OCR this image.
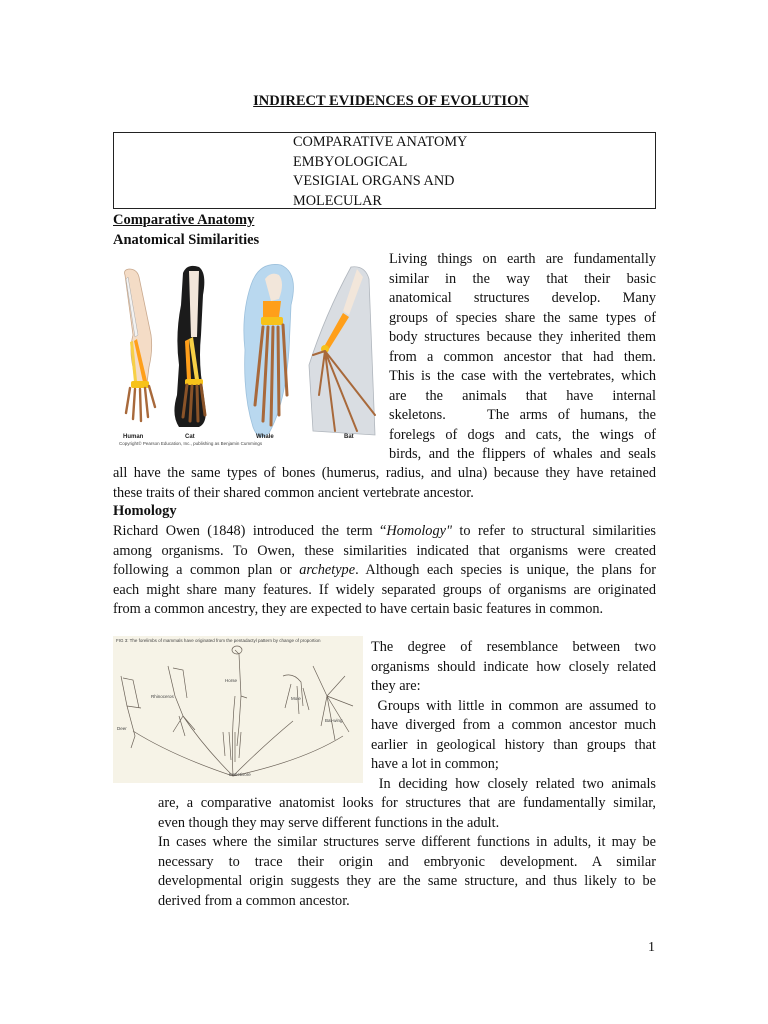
INDIRECT EVIDENCES OF EVOLUTION
COMPARATIVE ANATOMY
EMBYOLOGICAL
VESIGIAL ORGANS AND
MOLECULAR
Comparative Anatomy
Anatomical Similarities
Human	Cat	Whale	Bat
Copyright© Pearson Education, Inc., publishing as Benjamin Cummings
Living things on earth are fundamentally
similar in the way that their basic
anatomical structures develop. Many
groups of species share the same types of
body structures because they inherited them
from a common ancestor that had them.
This is the case with the vertebrates, which
are the animals that have internal
skeletons.    The arms of humans, the
forelegs of dogs and cats, the wings of
birds, and the flippers of whales and seals
all have the same types of bones (humerus, radius, and ulna) because they have retained
these traits of their shared common ancient vertebrate ancestor.
Homology
Richard Owen (1848) introduced the term “Homology" to refer to structural similarities
among organisms. To Owen, these similarities indicated that organisms were created
following a common plan or archetype. Although each species is unique, the plans for
each might share many features. If widely separated groups of organisms are originated
from a common ancestry, they are expected to have certain basic features in common.
FIG 3: The forelimbs of mammals have originated from the pentadactyl pattern by change of proportion
Horse
Rhinoceros
Deer
Mole
Bat-wing
Insectivore
The degree of resemblance between two
organisms should indicate how closely related
they are:
Groups with little in common are assumed to
have diverged from a common ancestor much
earlier in geological history than groups that
have a lot in common;
In deciding how closely related two animals
are, a comparative anatomist looks for structures that are fundamentally similar,
even though they may serve different functions in the adult.
In cases where the similar structures serve different functions in adults, it may be
necessary to trace their origin and embryonic development. A similar
developmental origin suggests they are the same structure, and thus likely to be
derived from a common ancestor.
1
